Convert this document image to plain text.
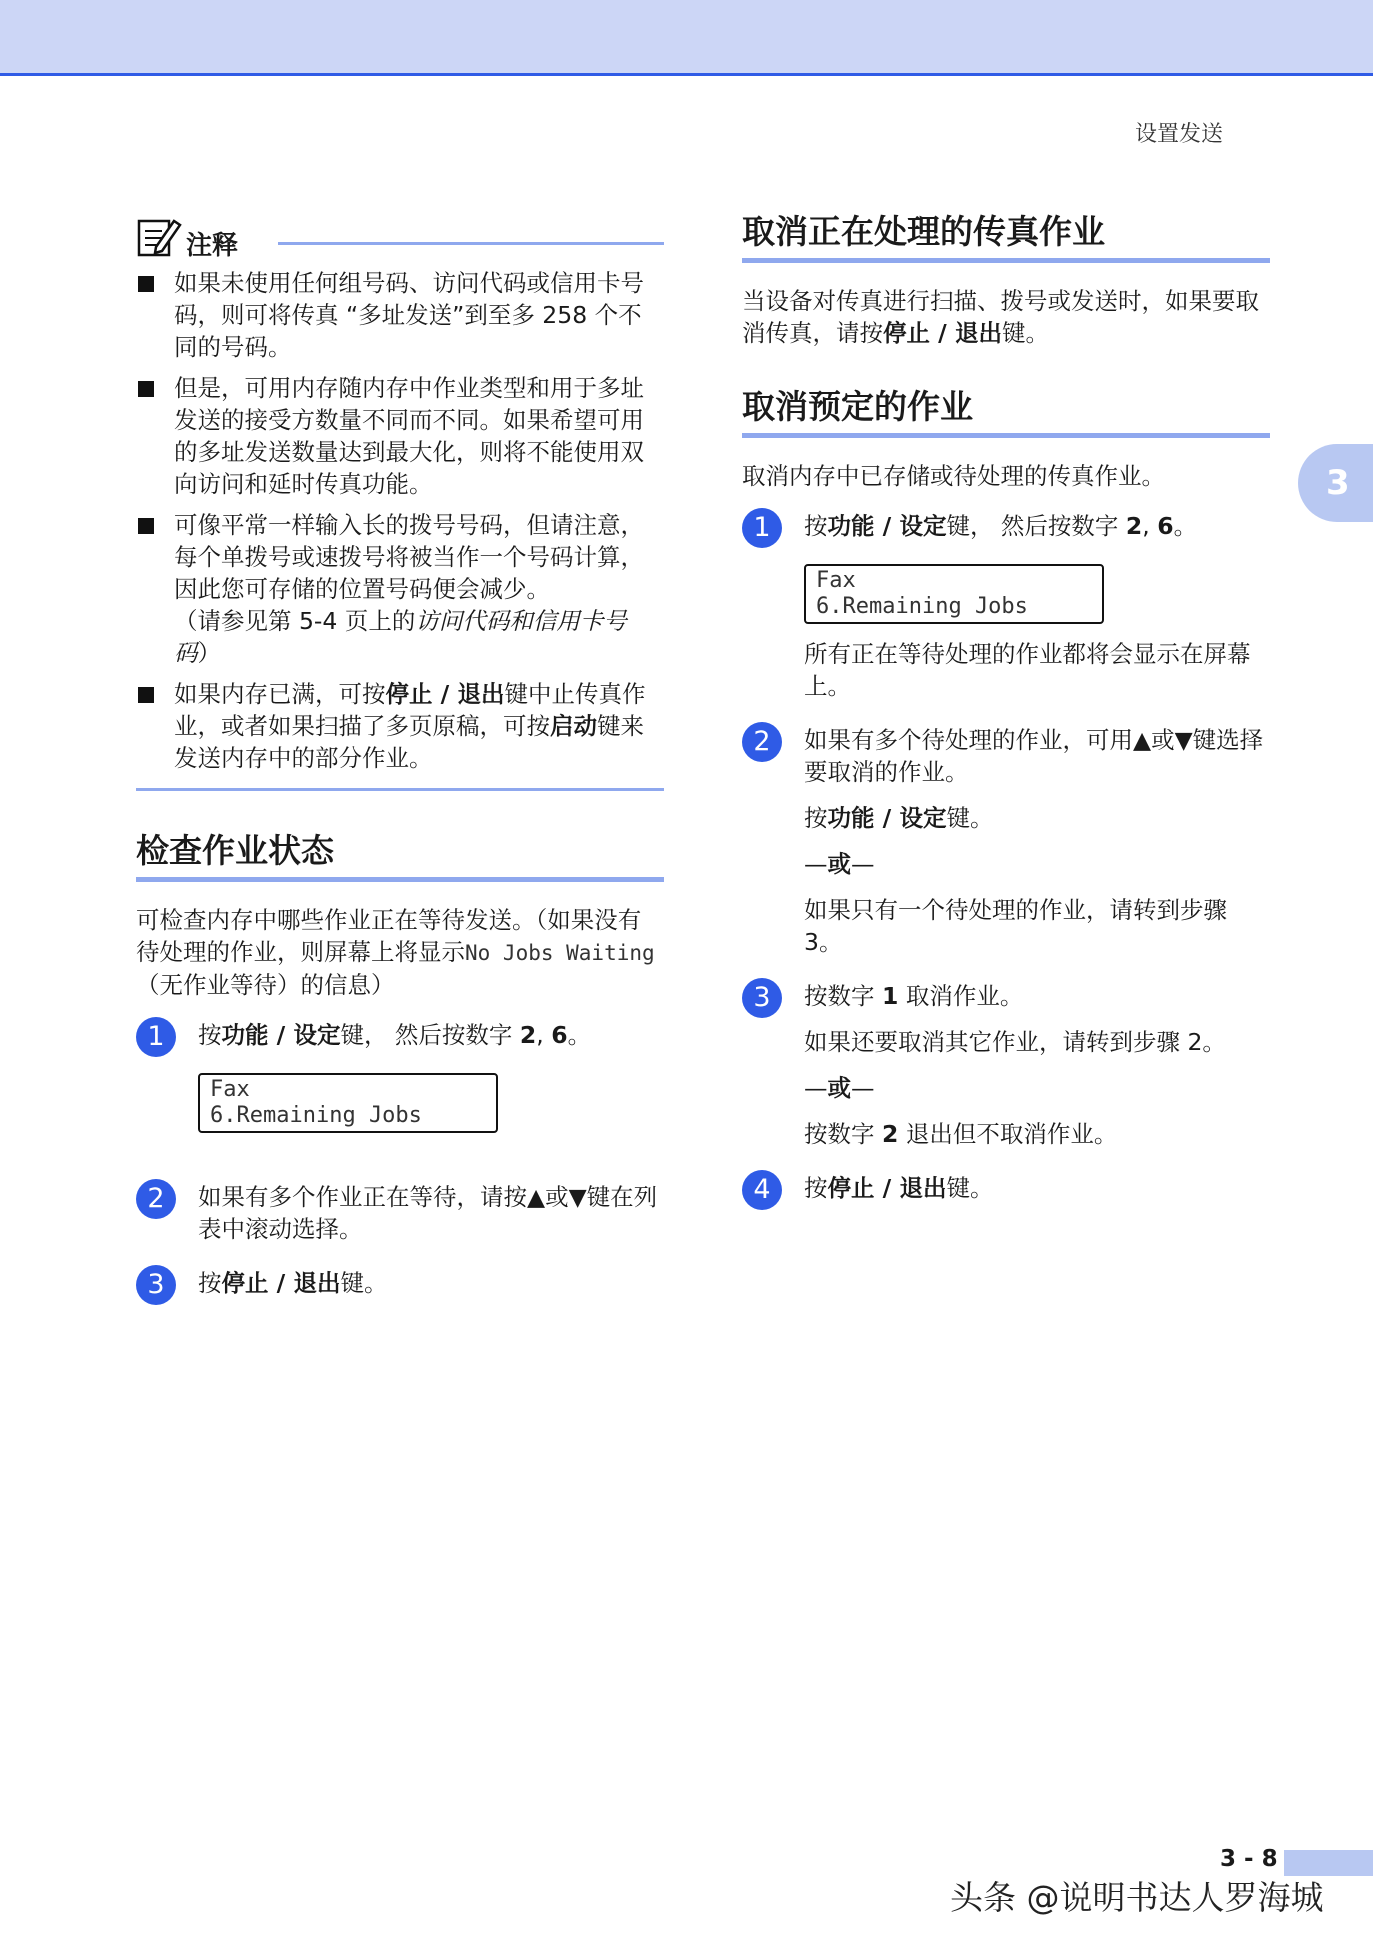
设置发送
3
注释
如果未使用任何组号码、访问代码或信用卡号码，则可将传真 “多址发送”到至多 258 个不同的号码。
但是，可用内存随内存中作业类型和用于多址发送的接受方数量不同而不同。如果希望可用的多址发送数量达到最大化，则将不能使用双向访问和延时传真功能。
可像平常一样输入长的拨号号码，但请注意，每个单拨号或速拨号将被当作一个号码计算，因此您可存储的位置号码便会减少。
（请参见第 5-4 页上的访问代码和信用卡号码）
如果内存已满，可按停止 / 退出键中止传真作业，或者如果扫描了多页原稿，可按启动键来发送内存中的部分作业。
检查作业状态

可检查内存中哪些作业正在等待发送。（如果没有待处理的作业，则屏幕上将显示No Jobs Waiting（无作业等待）的信息）

1	按功能 / 设定键， 然后按数字 2, 6。

Fax
6.Remaining Jobs
2	如果有多个作业正在等待，请按▲或▼键在列表中滚动选择。

3	按停止 / 退出键。

取消正在处理的传真作业

当设备对传真进行扫描、拨号或发送时，如果要取消传真，请按停止 / 退出键。

取消预定的作业

取消内存中已存储或待处理的传真作业。

1	按功能 / 设定键， 然后按数字 2, 6。

Fax
6.Remaining Jobs

所有正在等待处理的作业都将会显示在屏幕上。

2	如果有多个待处理的作业，可用▲或▼键选择要取消的作业。

按功能 / 设定键。

—或—

如果只有一个待处理的作业，请转到步骤 3。

3	按数字 1 取消作业。

如果还要取消其它作业，请转到步骤 2。

—或—

按数字 2 退出但不取消作业。

4	按停止 / 退出键。

3 - 8
头条 @说明书达人罗海城
